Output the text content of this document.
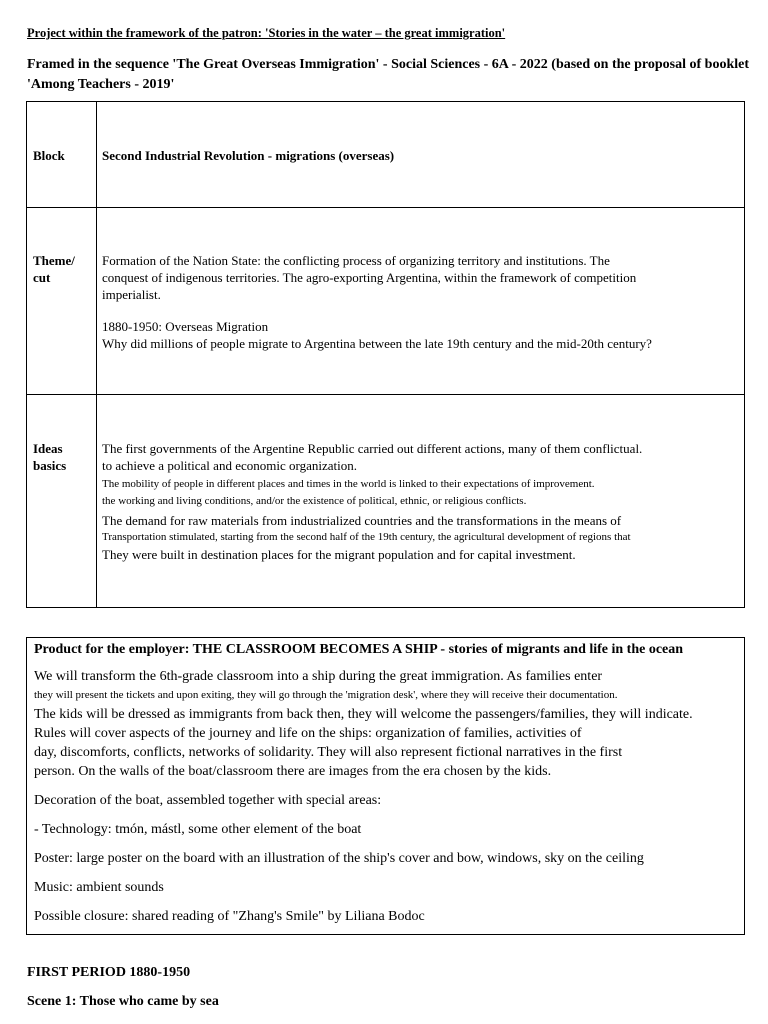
Project within the framework of the patron: 'Stories in the water – the great immigration'
Framed in the sequence 'The Great Overseas Immigration' - Social Sciences - 6A - 2022 (based on the proposal of booklet 'Among Teachers - 2019'
Block	Second Industrial Revolution - migrations (overseas)
Theme/
cut

Formation of the Nation State: the conflicting process of organizing territory and institutions. The

conquest of indigenous territories. The agro-exporting Argentina, within the framework of competition

imperialist.

1880-1950: Overseas Migration

Why did millions of people migrate to Argentina between the late 19th century and the mid-20th century?

Ideas
basics

The first governments of the Argentine Republic carried out different actions, many of them conflictual.

to achieve a political and economic organization.

The mobility of people in different places and times in the world is linked to their expectations of improvement.

the working and living conditions, and/or the existence of political, ethnic, or religious conflicts.

The demand for raw materials from industrialized countries and the transformations in the means of

Transportation stimulated, starting from the second half of the 19th century, the agricultural development of regions that

They were built in destination places for the migrant population and for capital investment.

Product for the employer: THE CLASSROOM BECOMES A SHIP - stories of migrants and life in the ocean

We will transform the 6th-grade classroom into a ship during the great immigration. As families enter

they will present the tickets and upon exiting, they will go through the 'migration desk', where they will receive their documentation.

The kids will be dressed as immigrants from back then, they will welcome the passengers/families, they will indicate.

Rules will cover aspects of the journey and life on the ships: organization of families, activities of

day, discomforts, conflicts, networks of solidarity. They will also represent fictional narratives in the first

person. On the walls of the boat/classroom there are images from the era chosen by the kids.

Decoration of the boat, assembled together with special areas:

- Technology: tmón, mástl, some other element of the boat

Poster: large poster on the board with an illustration of the ship's cover and bow, windows, sky on the ceiling

Music: ambient sounds

Possible closure: shared reading of "Zhang's Smile" by Liliana Bodoc

FIRST PERIOD 1880-1950
Scene 1: Those who came by sea
